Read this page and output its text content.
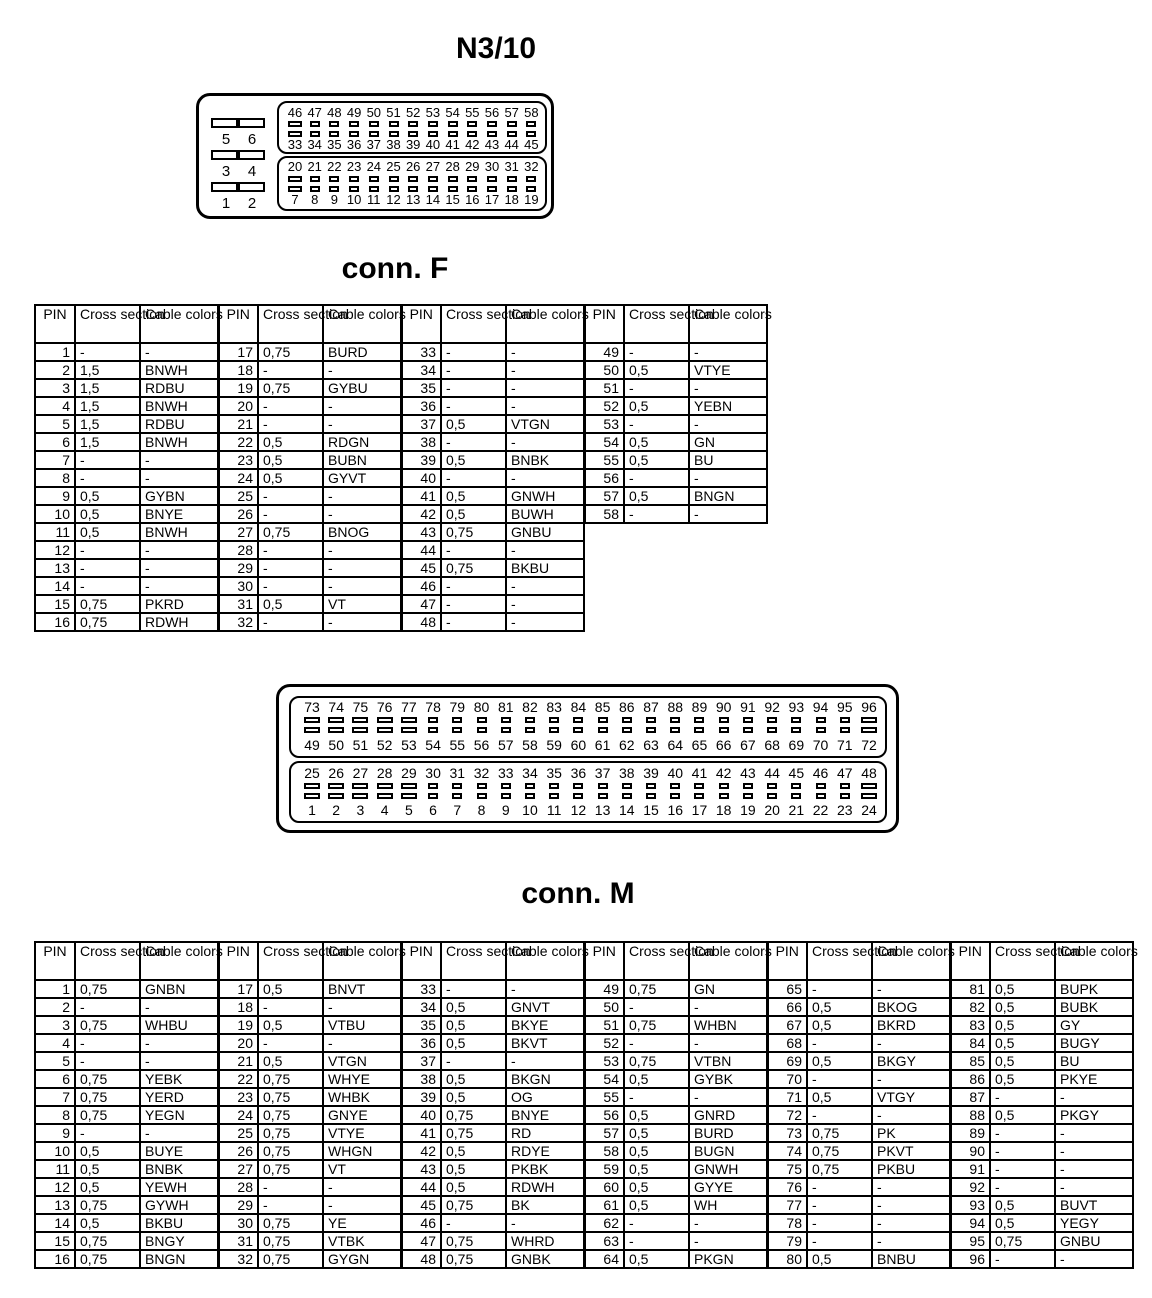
N3/10
conn. F
conn. M
5 6
3 4
1 2
46 47 48 49 50 51 52 53 54 55 56 57 58
33 34 35 36 37 38 39 40 41 42 43 44 45
20 21 22 23 24 25 26 27 28 29 30 31 32
7 8 9 10 11 12 13 14 15 16 17 18 19
PIN	Cross section	Cable colors	PIN	Cross section	Cable colors	PIN	Cross section	Cable colors	PIN	Cross section	Cable colors
1	-	-	17	0,75	BURD	33	-	-	49	-	-
2	1,5	BNWH	18	-	-	34	-	-	50	0,5	VTYE
3	1,5	RDBU	19	0,75	GYBU	35	-	-	51	-	-
4	1,5	BNWH	20	-	-	36	-	-	52	0,5	YEBN
5	1,5	RDBU	21	-	-	37	0,5	VTGN	53	-	-
6	1,5	BNWH	22	0,5	RDGN	38	-	-	54	0,5	GN
7	-	-	23	0,5	BUBN	39	0,5	BNBK	55	0,5	BU
8	-	-	24	0,5	GYVT	40	-	-	56	-	-
9	0,5	GYBN	25	-	-	41	0,5	GNWH	57	0,5	BNGN
10	0,5	BNYE	26	-	-	42	0,5	BUWH	58	-	-
11	0,5	BNWH	27	0,75	BNOG	43	0,75	GNBU			
12	-	-	28	-	-	44	-	-			
13	-	-	29	-	-	45	0,75	BKBU			
14	-	-	30	-	-	46	-	-			
15	0,75	PKRD	31	0,5	VT	47	-	-			
16	0,75	RDWH	32	-	-	48	-	-			
73 74 75 76 77 78 79 80 81 82 83 84 85 86 87 88 89 90 91 92 93 94 95 96
49 50 51 52 53 54 55 56 57 58 59 60 61 62 63 64 65 66 67 68 69 70 71 72
25 26 27 28 29 30 31 32 33 34 35 36 37 38 39 40 41 42 43 44 45 46 47 48
1 2 3 4 5 6 7 8 9 10 11 12 13 14 15 16 17 18 19 20 21 22 23 24
PIN	Cross section	Cable colors	PIN	Cross section	Cable colors	PIN	Cross section	Cable colors	PIN	Cross section	Cable colors	PIN	Cross section	Cable colors	PIN	Cross section	Cable colors
1	0,75	GNBN	17	0,5	BNVT	33	-	-	49	0,75	GN	65	-	-	81	0,5	BUPK
2	-	-	18	-	-	34	0,5	GNVT	50	-	-	66	0,5	BKOG	82	0,5	BUBK
3	0,75	WHBU	19	0,5	VTBU	35	0,5	BKYE	51	0,75	WHBN	67	0,5	BKRD	83	0,5	GY
4	-	-	20	-	-	36	0,5	BKVT	52	-	-	68	-	-	84	0,5	BUGY
5	-	-	21	0,5	VTGN	37	-	-	53	0,75	VTBN	69	0,5	BKGY	85	0,5	BU
6	0,75	YEBK	22	0,75	WHYE	38	0,5	BKGN	54	0,5	GYBK	70	-	-	86	0,5	PKYE
7	0,75	YERD	23	0,75	WHBK	39	0,5	OG	55	-	-	71	0,5	VTGY	87	-	-
8	0,75	YEGN	24	0,75	GNYE	40	0,75	BNYE	56	0,5	GNRD	72	-	-	88	0,5	PKGY
9	-	-	25	0,75	VTYE	41	0,75	RD	57	0,5	BURD	73	0,75	PK	89	-	-
10	0,5	BUYE	26	0,75	WHGN	42	0,5	RDYE	58	0,5	BUGN	74	0,75	PKVT	90	-	-
11	0,5	BNBK	27	0,75	VT	43	0,5	PKBK	59	0,5	GNWH	75	0,75	PKBU	91	-	-
12	0,5	YEWH	28	-	-	44	0,5	RDWH	60	0,5	GYYE	76	-	-	92	-	-
13	0,75	GYWH	29	-	-	45	0,75	BK	61	0,5	WH	77	-	-	93	0,5	BUVT
14	0,5	BKBU	30	0,75	YE	46	-	-	62	-	-	78	-	-	94	0,5	YEGY
15	0,75	BNGY	31	0,75	VTBK	47	0,75	WHRD	63	-	-	79	-	-	95	0,75	GNBU
16	0,75	BNGN	32	0,75	GYGN	48	0,75	GNBK	64	0,5	PKGN	80	0,5	BNBU	96	-	-
